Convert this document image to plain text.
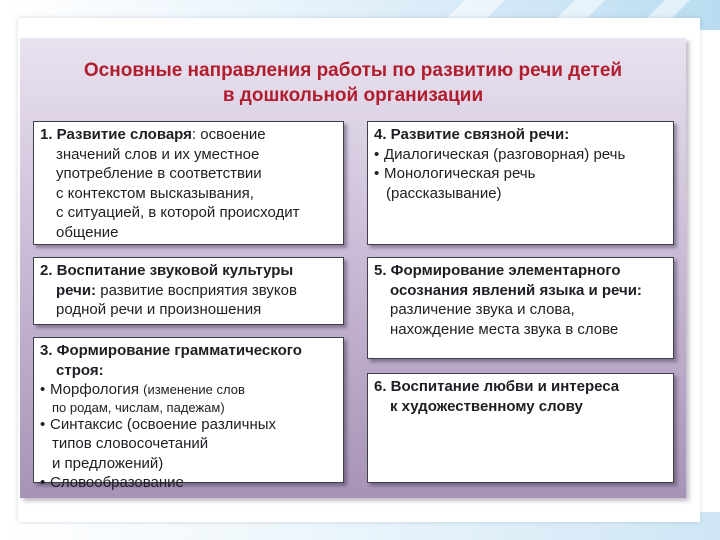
Основные направления работы по развитию речи детей
в дошкольной организации
1. Развитие словаря: освоение
значений слов и их уместное
употребление в соответствии
с контекстом высказывания,
с ситуацией, в которой происходит
общение
2. Воспитание звуковой культуры
речи: развитие восприятия звуков
родной речи и произношения
3. Формирование грамматического
строя:
• Морфология (изменение слов
по родам, числам, падежам)
• Синтаксис (освоение различных
типов словосочетаний
и предложений)
• Словообразование
4. Развитие связной речи:
• Диалогическая (разговорная) речь
• Монологическая речь
(рассказывание)
5. Формирование элементарного
осознания явлений языка и речи:
различение звука и слова,
нахождение места звука в слове
6. Воспитание любви и интереса
к художественному слову
